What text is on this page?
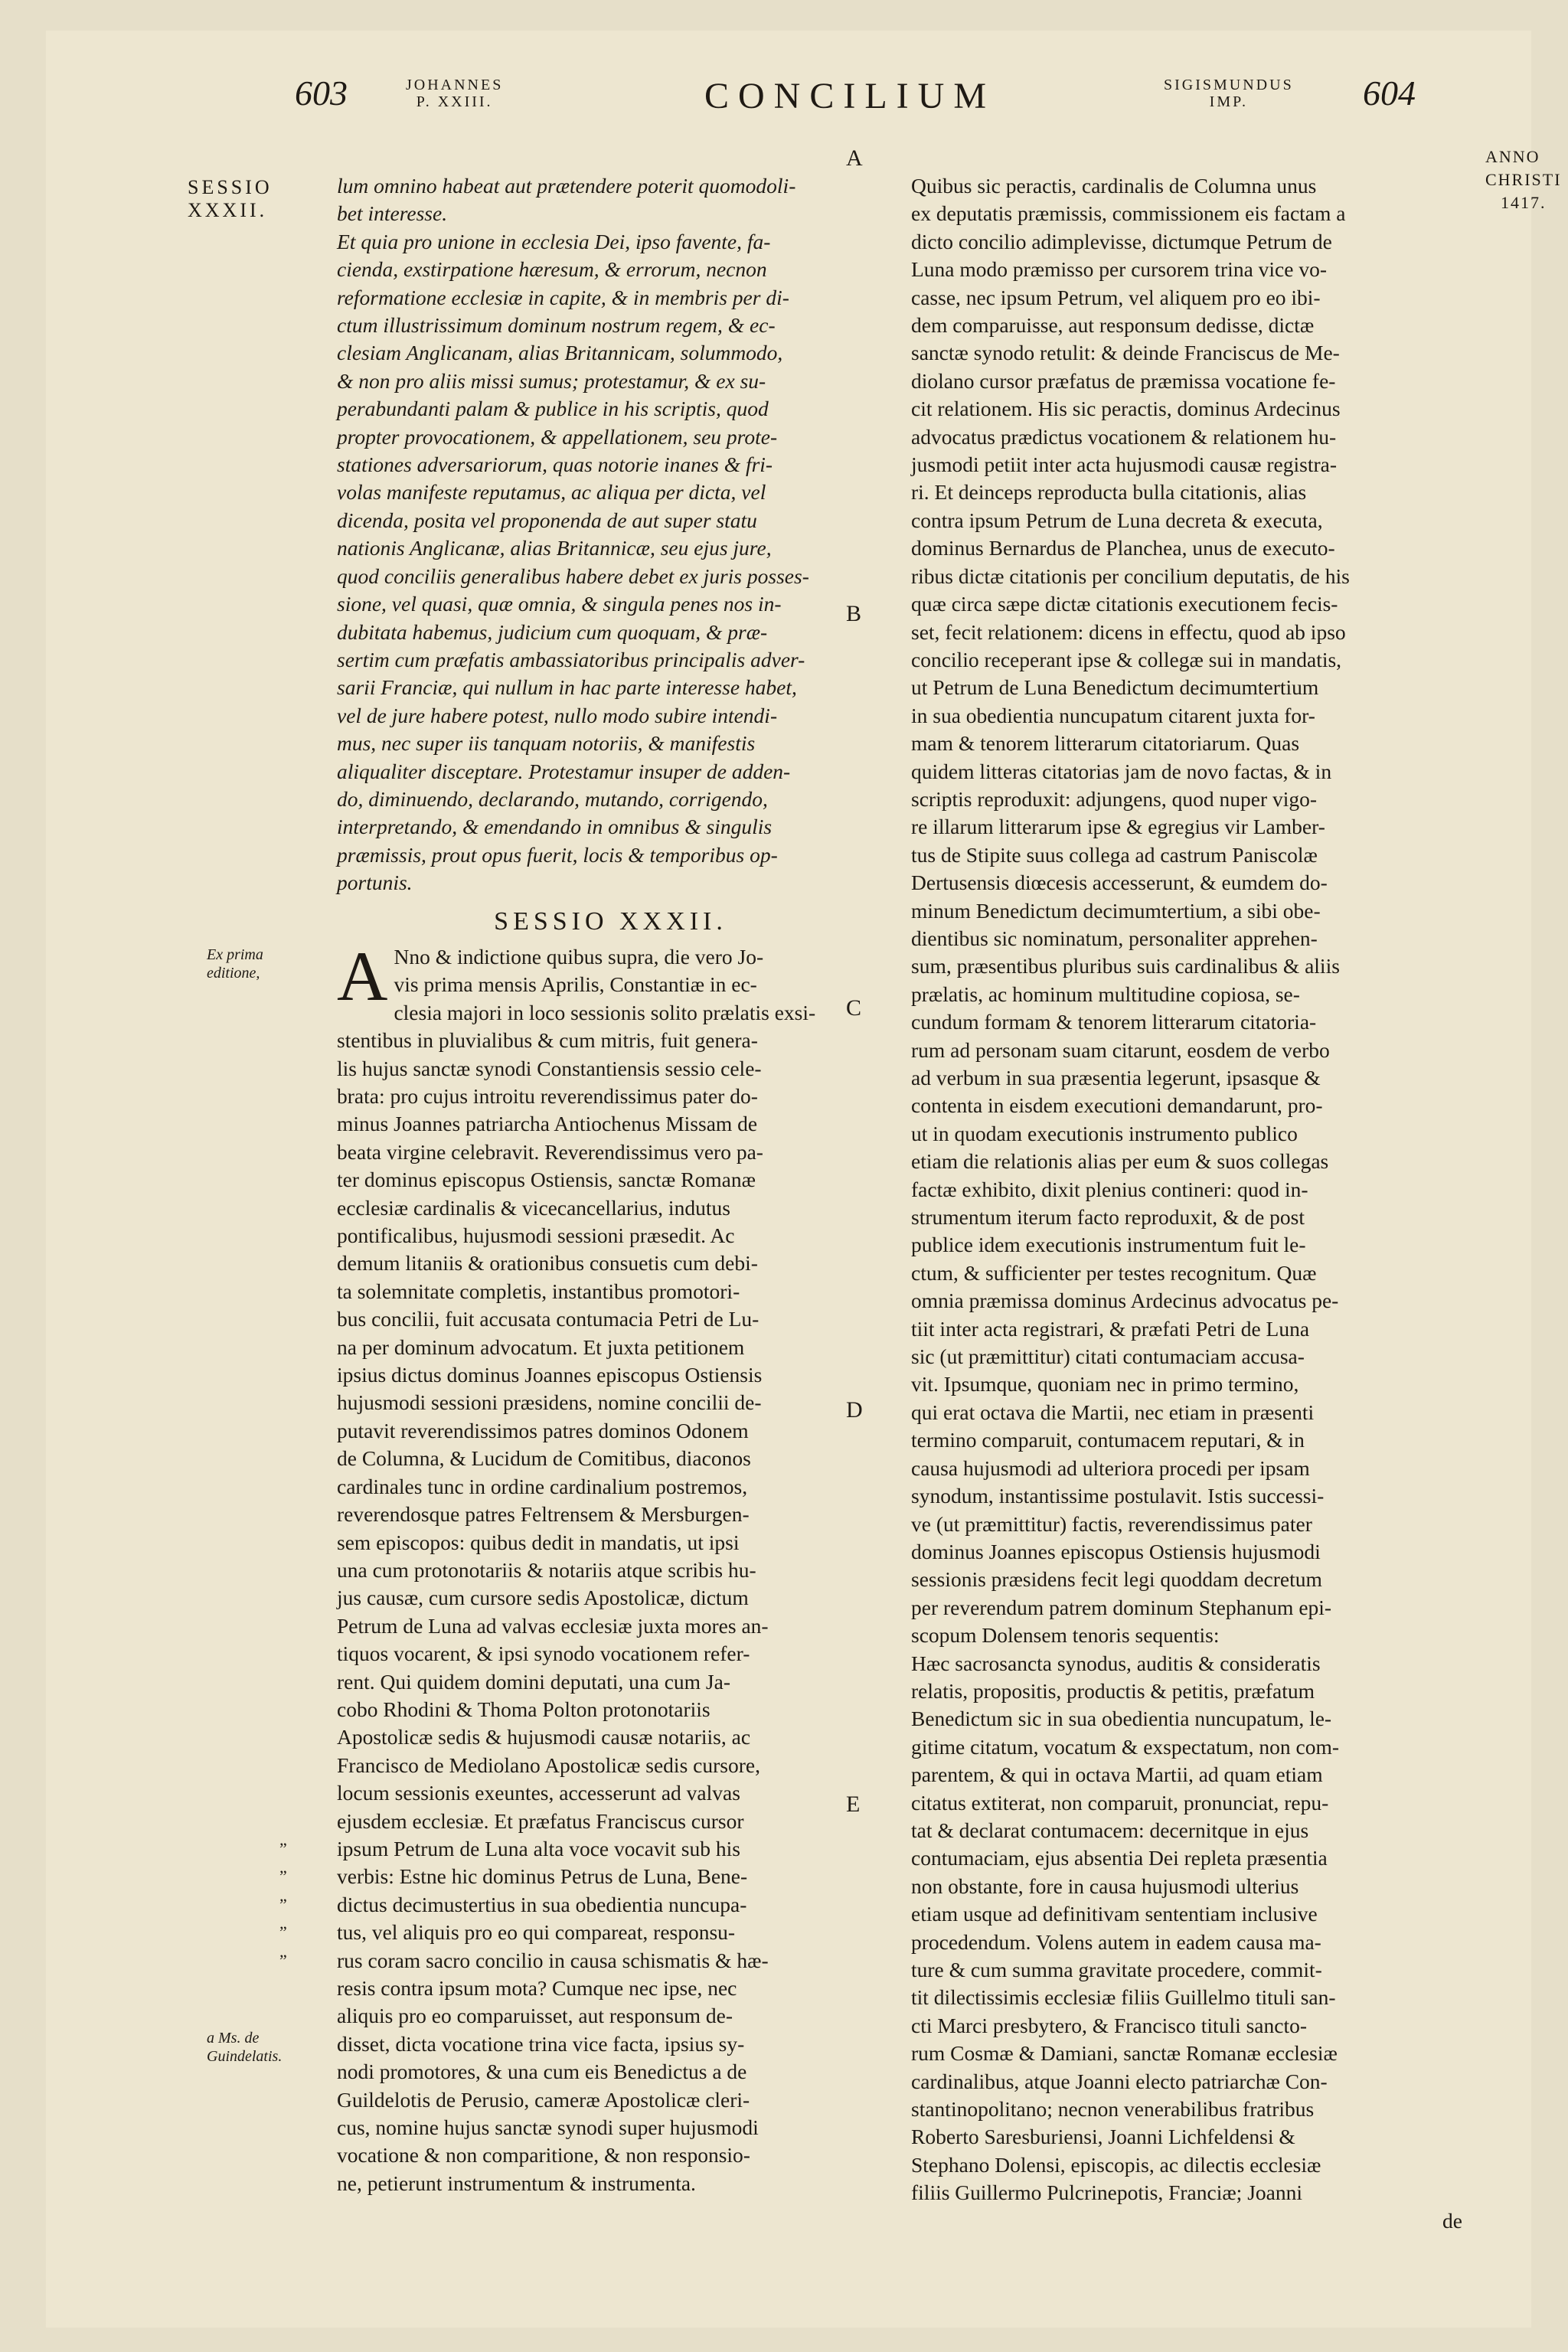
603	JOHANNES
P. XXIII.	CONCILIUM	SIGISMUNDUS
IMP.	604
SESSIO
XXXII.
Ex prima editione,
a Ms. de Guindelatis.
ANNO
CHRISTI
1417.
A
B
C
D
E
„
„
„
„
„
lum omnino habeat aut prætendere poterit quomodoli-
bet interesse.
Et quia pro unione in ecclesia Dei, ipso favente, fa-
cienda, exstirpatione hæresum, & errorum, necnon
reformatione ecclesiæ in capite, & in membris per di-
ctum illustrissimum dominum nostrum regem, & ec-
clesiam Anglicanam, alias Britannicam, solummodo,
& non pro aliis missi sumus; protestamur, & ex su-
perabundanti palam & publice in his scriptis, quod
propter provocationem, & appellationem, seu prote-
stationes adversariorum, quas notorie inanes & fri-
volas manifeste reputamus, ac aliqua per dicta, vel
dicenda, posita vel proponenda de aut super statu
nationis Anglicanæ, alias Britannicæ, seu ejus jure,
quod conciliis generalibus habere debet ex juris posses-
sione, vel quasi, quæ omnia, & singula penes nos in-
dubitata habemus, judicium cum quoquam, & præ-
sertim cum præfatis ambassiatoribus principalis adver-
sarii Franciæ, qui nullum in hac parte interesse habet,
vel de jure habere potest, nullo modo subire intendi-
mus, nec super iis tanquam notoriis, & manifestis
aliqualiter disceptare. Protestamur insuper de adden-
do, diminuendo, declarando, mutando, corrigendo,
interpretando, & emendando in omnibus & singulis
præmissis, prout opus fuerit, locis & temporibus op-
portunis.
SESSIO XXXII.
A Nno & indictione quibus supra, die vero Jo-
vis prima mensis Aprilis, Constantiæ in ec-
clesia majori in loco sessionis solito prælatis exsi-
stentibus in pluvialibus & cum mitris, fuit genera-
lis hujus sanctæ synodi Constantiensis sessio cele-
brata: pro cujus introitu reverendissimus pater do-
minus Joannes patriarcha Antiochenus Missam de
beata virgine celebravit. Reverendissimus vero pa-
ter dominus episcopus Ostiensis, sanctæ Romanæ
ecclesiæ cardinalis & vicecancellarius, indutus
pontificalibus, hujusmodi sessioni præsedit. Ac
demum litaniis & orationibus consuetis cum debi-
ta solemnitate completis, instantibus promotori-
bus concilii, fuit accusata contumacia Petri de Lu-
na per dominum advocatum. Et juxta petitionem
ipsius dictus dominus Joannes episcopus Ostiensis
hujusmodi sessioni præsidens, nomine concilii de-
putavit reverendissimos patres dominos Odonem
de Columna, & Lucidum de Comitibus, diaconos
cardinales tunc in ordine cardinalium postremos,
reverendosque patres Feltrensem & Mersburgen-
sem episcopos: quibus dedit in mandatis, ut ipsi
una cum protonotariis & notariis atque scribis hu-
jus causæ, cum cursore sedis Apostolicæ, dictum
Petrum de Luna ad valvas ecclesiæ juxta mores an-
tiquos vocarent, & ipsi synodo vocationem refer-
rent. Qui quidem domini deputati, una cum Ja-
cobo Rhodini & Thoma Polton protonotariis
Apostolicæ sedis & hujusmodi causæ notariis, ac
Francisco de Mediolano Apostolicæ sedis cursore,
locum sessionis exeuntes, accesserunt ad valvas
ejusdem ecclesiæ. Et præfatus Franciscus cursor
ipsum Petrum de Luna alta voce vocavit sub his
verbis: Estne hic dominus Petrus de Luna, Bene-
dictus decimustertius in sua obedientia nuncupa-
tus, vel aliquis pro eo qui compareat, responsu-
rus coram sacro concilio in causa schismatis & hæ-
resis contra ipsum mota? Cumque nec ipse, nec
aliquis pro eo comparuisset, aut responsum de-
disset, dicta vocatione trina vice facta, ipsius sy-
nodi promotores, & una cum eis Benedictus a de
Guildelotis de Perusio, cameræ Apostolicæ cleri-
cus, nomine hujus sanctæ synodi super hujusmodi
vocatione & non comparitione, & non responsio-
ne, petierunt instrumentum & instrumenta.
Quibus sic peractis, cardinalis de Columna unus
ex deputatis præmissis, commissionem eis factam a
dicto concilio adimplevisse, dictumque Petrum de
Luna modo præmisso per cursorem trina vice vo-
casse, nec ipsum Petrum, vel aliquem pro eo ibi-
dem comparuisse, aut responsum dedisse, dictæ
sanctæ synodo retulit: & deinde Franciscus de Me-
diolano cursor præfatus de præmissa vocatione fe-
cit relationem. His sic peractis, dominus Ardecinus
advocatus prædictus vocationem & relationem hu-
jusmodi petiit inter acta hujusmodi causæ registra-
ri. Et deinceps reproducta bulla citationis, alias
contra ipsum Petrum de Luna decreta & executa,
dominus Bernardus de Planchea, unus de executo-
ribus dictæ citationis per concilium deputatis, de his
quæ circa sæpe dictæ citationis executionem fecis-
set, fecit relationem: dicens in effectu, quod ab ipso
concilio receperant ipse & collegæ sui in mandatis,
ut Petrum de Luna Benedictum decimumtertium
in sua obedientia nuncupatum citarent juxta for-
mam & tenorem litterarum citatoriarum. Quas
quidem litteras citatorias jam de novo factas, & in
scriptis reproduxit: adjungens, quod nuper vigo-
re illarum litterarum ipse & egregius vir Lamber-
tus de Stipite suus collega ad castrum Paniscolæ
Dertusensis diœcesis accesserunt, & eumdem do-
minum Benedictum decimumtertium, a sibi obe-
dientibus sic nominatum, personaliter apprehen-
sum, præsentibus pluribus suis cardinalibus & aliis
prælatis, ac hominum multitudine copiosa, se-
cundum formam & tenorem litterarum citatoria-
rum ad personam suam citarunt, eosdem de verbo
ad verbum in sua præsentia legerunt, ipsasque &
contenta in eisdem executioni demandarunt, pro-
ut in quodam executionis instrumento publico
etiam die relationis alias per eum & suos collegas
factæ exhibito, dixit plenius contineri: quod in-
strumentum iterum facto reproduxit, & de post
publice idem executionis instrumentum fuit le-
ctum, & sufficienter per testes recognitum. Quæ
omnia præmissa dominus Ardecinus advocatus pe-
tiit inter acta registrari, & præfati Petri de Luna
sic (ut præmittitur) citati contumaciam accusa-
vit. Ipsumque, quoniam nec in primo termino,
qui erat octava die Martii, nec etiam in præsenti
termino comparuit, contumacem reputari, & in
causa hujusmodi ad ulteriora procedi per ipsam
synodum, instantissime postulavit. Istis successi-
ve (ut præmittitur) factis, reverendissimus pater
dominus Joannes episcopus Ostiensis hujusmodi
sessionis præsidens fecit legi quoddam decretum
per reverendum patrem dominum Stephanum epi-
scopum Dolensem tenoris sequentis:
Hæc sacrosancta synodus, auditis & consideratis
relatis, propositis, productis & petitis, præfatum
Benedictum sic in sua obedientia nuncupatum, le-
gitime citatum, vocatum & exspectatum, non com-
parentem, & qui in octava Martii, ad quam etiam
citatus extiterat, non comparuit, pronunciat, repu-
tat & declarat contumacem: decernitque in ejus
contumaciam, ejus absentia Dei repleta præsentia
non obstante, fore in causa hujusmodi ulterius
etiam usque ad definitivam sententiam inclusive
procedendum. Volens autem in eadem causa ma-
ture & cum summa gravitate procedere, commit-
tit dilectissimis ecclesiæ filiis Guillelmo tituli san-
cti Marci presbytero, & Francisco tituli sancto-
rum Cosmæ & Damiani, sanctæ Romanæ ecclesiæ
cardinalibus, atque Joanni electo patriarchæ Con-
stantinopolitano; necnon venerabilibus fratribus
Roberto Saresburiensi, Joanni Lichfeldensi &
Stephano Dolensi, episcopis, ac dilectis ecclesiæ
filiis Guillermo Pulcrinepotis, Franciæ; Joanni
de
